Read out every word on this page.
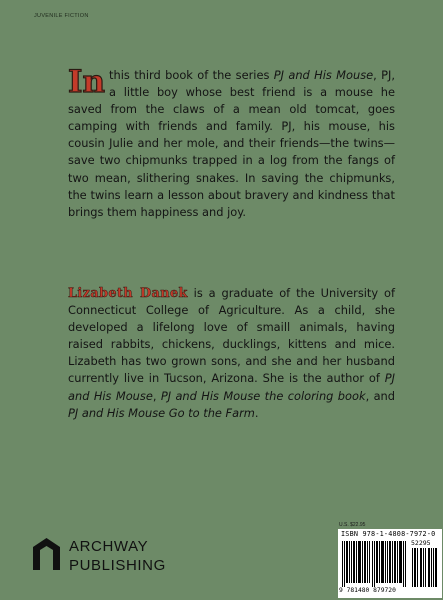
JUVENILE FICTION
In this third book of the series PJ and His Mouse, PJ, a little boy whose best friend is a mouse he saved from the claws of a mean old tomcat, goes camping with friends and family. PJ, his mouse, his cousin Julie and her mole, and their friends—the twins—save two chipmunks trapped in a log from the fangs of two mean, slithering snakes. In saving the chipmunks, the twins learn a lesson about bravery and kindness that brings them happiness and joy.
Lizabeth Danek is a graduate of the University of Connecticut College of Agriculture. As a child, she developed a lifelong love of smaill animals, having raised rabbits, chickens, ducklings, kittens and mice. Lizabeth has two grown sons, and she and her husband currently live in Tucson, Arizona. She is the author of PJ and His Mouse, PJ and His Mouse the coloring book, and PJ and His Mouse Go to the Farm.
ARCHWAY
PUBLISHING
U.S. $22.95
ISBN 978-1-4808-7972-0
52295
9 781480 879720
